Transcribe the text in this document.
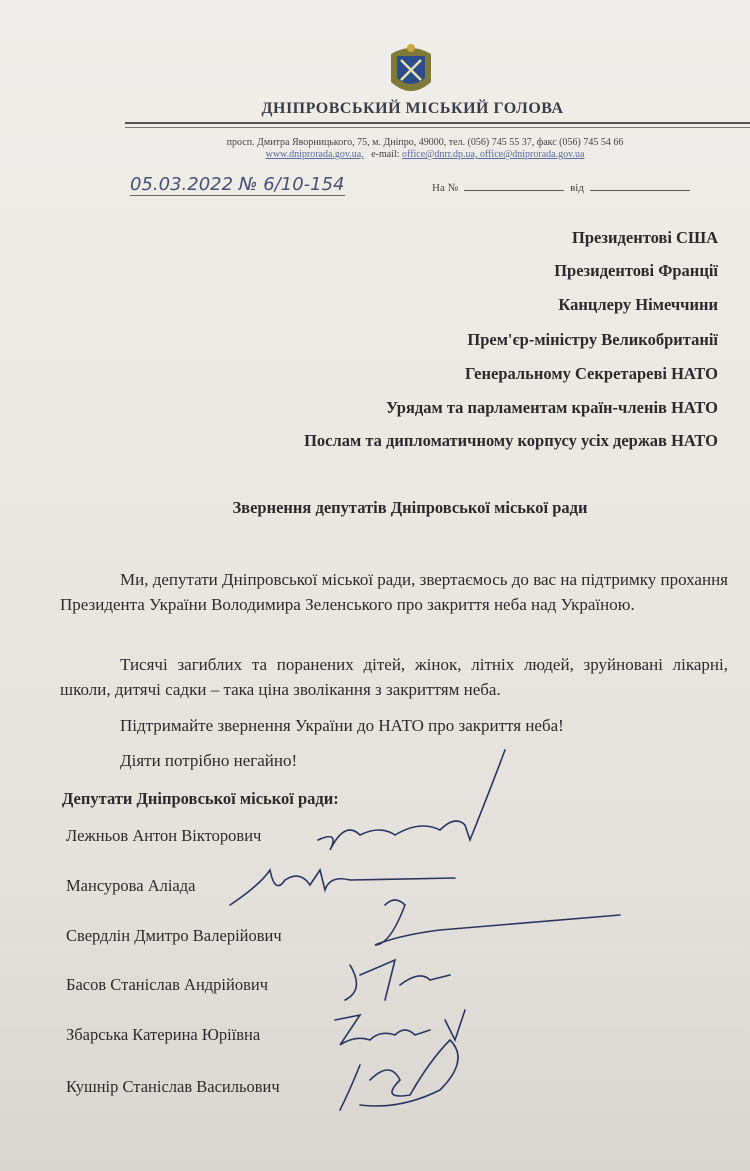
ДНІПРОВСЬКИЙ МІСЬКИЙ ГОЛОВА
просп. Дмитра Яворницького, 75, м. Дніпро, 49000, тел. (056) 745 55 37, факс (056) 745 54 66
www.dniprorada.gov.ua, e-mail: office@dnrr.dp.ua, office@dniprorada.gov.ua
05.03.2022 № 6/10-154	На №	від
Президентові США
Президентові Франції
Канцлеру Німеччини
Прем'єр-міністру Великобританії
Генеральному Секретареві НАТО
Урядам та парламентам країн-членів НАТО
Послам та дипломатичному корпусу усіх держав НАТО
Звернення депутатів Дніпровської міської ради
Ми, депутати Дніпровської міської ради, звертаємось до вас на підтримку прохання Президента України Володимира Зеленського про закриття неба над Україною.
Тисячі загиблих та поранених дітей, жінок, літніх людей, зруйновані лікарні, школи, дитячі садки – така ціна зволікання з закриттям неба.
Підтримайте звернення України до НАТО про закриття неба!
Діяти потрібно негайно!
Депутати Дніпровської міської ради:
Лежньов Антон Вікторович
Мансурова Аліада
Свердлін Дмитро Валерійович
Басов Станіслав Андрійович
Збарська Катерина Юріївна
Кушнір Станіслав Васильович
